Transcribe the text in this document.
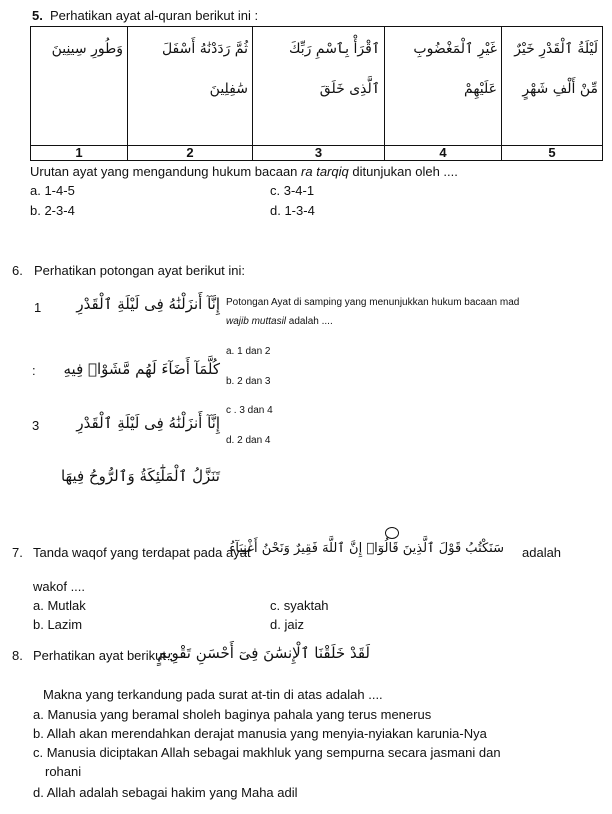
5. Perhatikan ayat al-quran berikut ini :
وَطُورِ سِينِينَ	ثُمَّ رَدَدْنَٰهُ أَسْفَلَ سَٰفِلِينَ	ٱقْرَأْ بِٱسْمِ رَبِّكَ ٱلَّذِى خَلَقَ	غَيْرِ ٱلْمَغْضُوبِ عَلَيْهِمْ	لَيْلَةُ ٱلْقَدْرِ خَيْرٌ مِّنْ أَلْفِ شَهْرٍ
1	2	3	4	5
Urutan ayat yang mengandung hukum bacaan ra tarqiq ditunjukan oleh ....
a. 1-4-5	c. 3-4-1
b. 2-3-4	d. 1-3-4
6. Perhatikan potongan ayat berikut ini:
1	إِنَّآ أَنزَلْنَٰهُ فِى لَيْلَةِ ٱلْقَدْرِ
:	كُلَّمَآ أَضَآءَ لَهُم مَّشَوْا۟ فِيهِ
3	إِنَّآ أَنزَلْنَٰهُ فِى لَيْلَةِ ٱلْقَدْرِ
تَنَزَّلُ ٱلْمَلَٰٓئِكَةُ وَٱلرُّوحُ فِيهَا
Potongan Ayat di samping yang menunjukkan hukum bacaan mad
wajib muttasil adalah ....
a. 1 dan 2
b. 2 dan 3
c . 3 dan 4
d. 2 dan 4
7. Tanda waqof yang terdapat pada ayat
سَنَكْتُبُ قَوْلَ ٱلَّذِينَ قَالُوٓا۟ إِنَّ ٱللَّهَ فَقِيرٌ وَنَحْنُ أَغْنِيَآءُ adalah
wakof ....
a. Mutlak	c. syaktah
b. Lazim	d. jaiz
8. Perhatikan ayat berikut :
لَقَدْ خَلَقْنَا ٱلْإِنسَٰنَ فِىٓ أَحْسَنِ تَقْوِيمٍ
Makna yang terkandung pada surat at-tin di atas adalah ....
a. Manusia yang beramal sholeh baginya pahala yang terus menerus
b. Allah akan merendahkan derajat manusia yang menyia-nyiakan karunia-Nya
c. Manusia diciptakan Allah sebagai makhluk yang sempurna secara jasmani dan
rohani
d. Allah adalah sebagai hakim yang Maha adil
